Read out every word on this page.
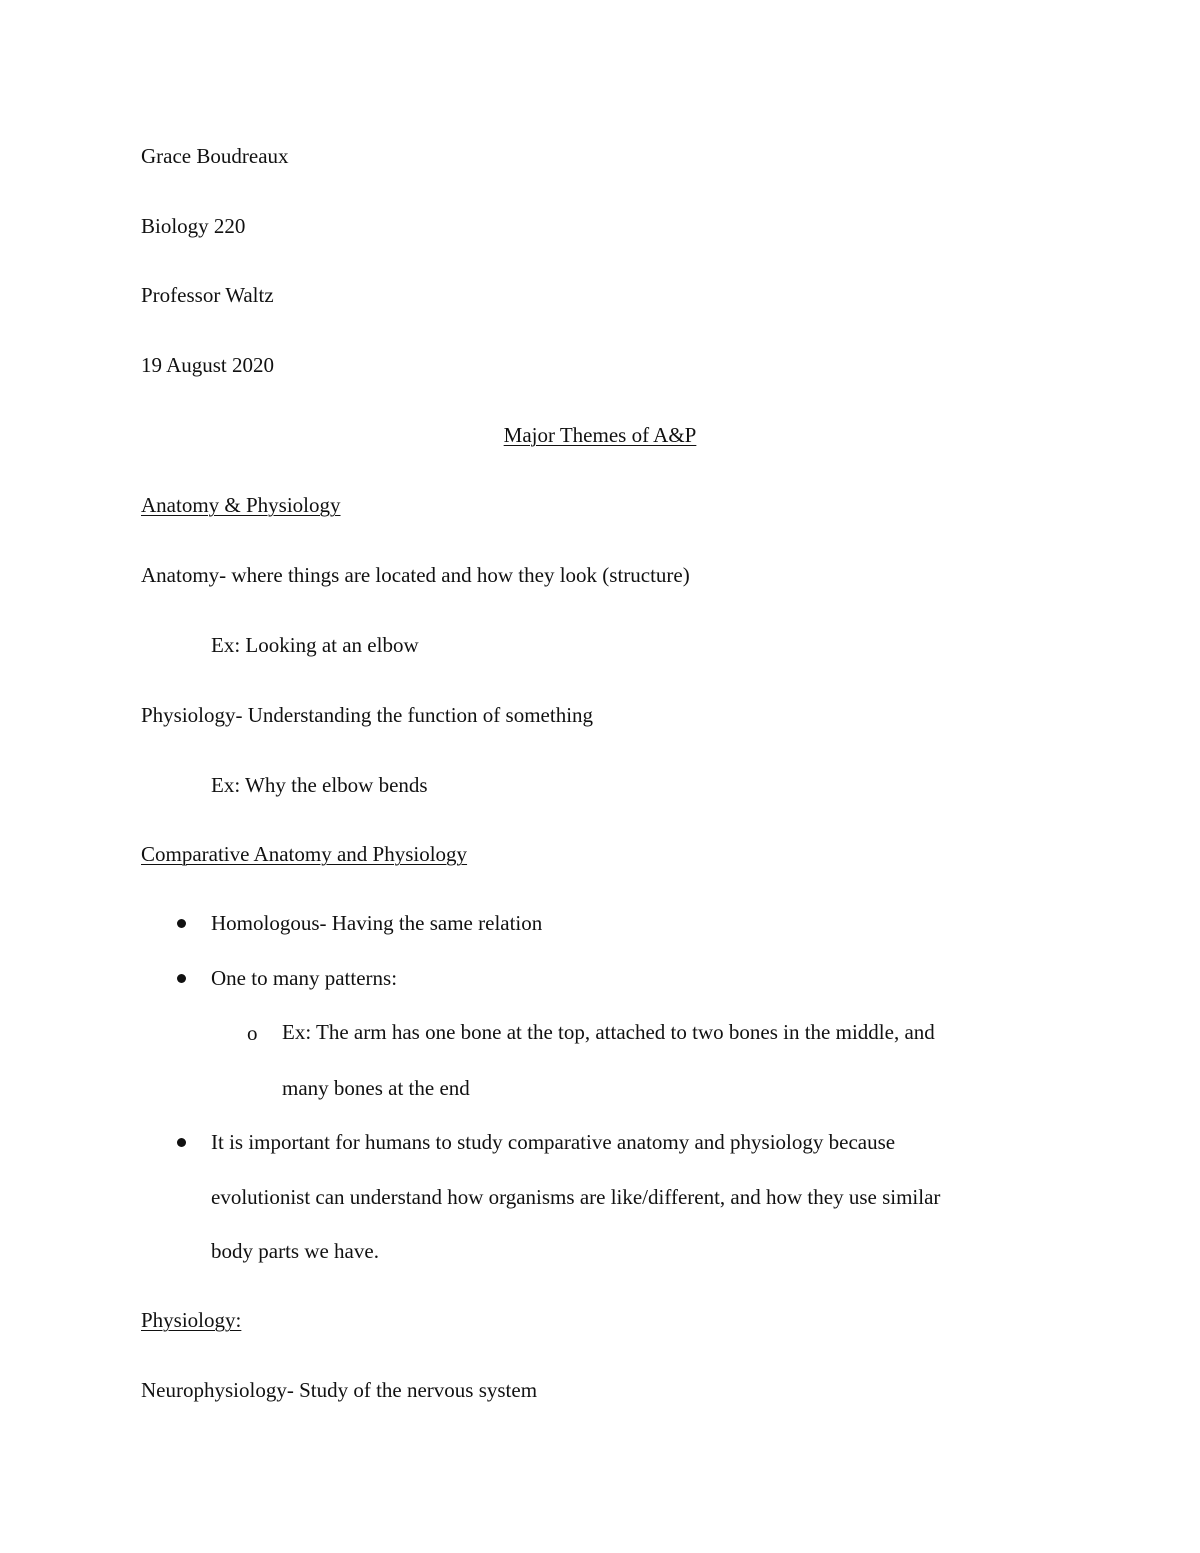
Grace Boudreaux
Biology 220
Professor Waltz
19 August 2020
Major Themes of A&P
Anatomy & Physiology
Anatomy- where things are located and how they look (structure)
Ex: Looking at an elbow
Physiology- Understanding the function of something
Ex: Why the elbow bends
Comparative Anatomy and Physiology
Homologous- Having the same relation
One to many patterns:
o Ex: The arm has one bone at the top, attached to two bones in the middle, and
many bones at the end
It is important for humans to study comparative anatomy and physiology because
evolutionist can understand how organisms are like/different, and how they use similar
body parts we have.
Physiology:
Neurophysiology- Study of the nervous system
